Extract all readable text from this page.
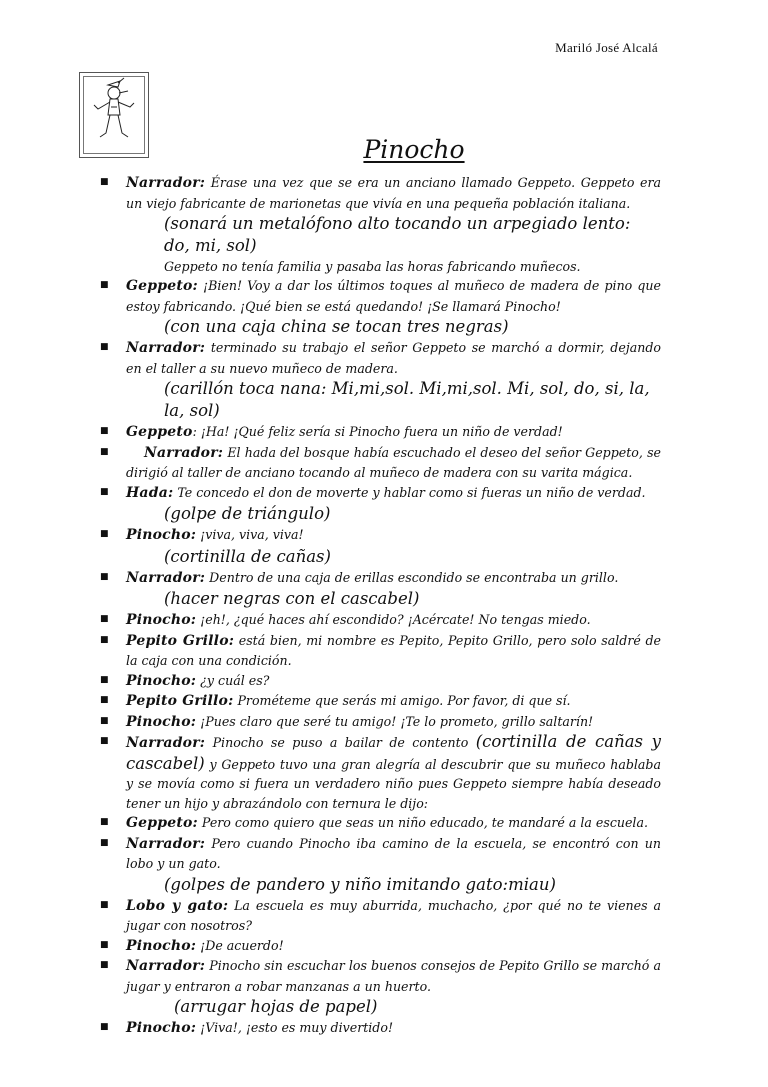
Mariló José Alcalá
Pinocho
■ Narrador: Érase una vez que se era un anciano llamado Geppeto. Geppeto era un viejo fabricante de marionetas que vivía en una pequeña población italiana.
(sonará un metalófono alto tocando un arpegiado lento: do, mi, sol)
Geppeto no tenía familia y pasaba las horas fabricando muñecos.
■ Geppeto: ¡Bien! Voy a dar los últimos toques al muñeco de madera de pino que estoy fabricando. ¡Qué bien se está quedando! ¡Se llamará Pinocho!
(con una caja china se tocan tres negras)
■ Narrador: terminado su trabajo el señor Geppeto se marchó a dormir, dejando en el taller a su nuevo muñeco de madera.
(carillón toca nana: Mi,mi,sol. Mi,mi,sol. Mi, sol, do, si, la, la, sol)
■ Geppeto: ¡Ha! ¡Qué feliz sería si Pinocho fuera un niño de verdad!
■	Narrador: El hada del bosque había escuchado el deseo del señor Geppeto, se dirigió al taller de anciano tocando al muñeco de madera con su varita mágica.
■ Hada: Te concedo el don de moverte y hablar como si fueras un niño de verdad.
(golpe de triángulo)
■ Pinocho: ¡viva, viva, viva!
(cortinilla de cañas)
■ Narrador: Dentro de una caja de erillas escondido se encontraba un grillo.
(hacer negras con el cascabel)
■ Pinocho: ¡eh!, ¿qué haces ahí escondido? ¡Acércate! No tengas miedo.
■ Pepito Grillo: está bien, mi nombre es Pepito, Pepito Grillo, pero solo saldré de la caja con una condición.
■ Pinocho: ¿y cuál es?
■ Pepito Grillo: Prométeme que serás mi amigo. Por favor, di que sí.
■ Pinocho: ¡Pues claro que seré tu amigo! ¡Te lo prometo, grillo saltarín!
■ Narrador: Pinocho se puso a bailar de contento (cortinilla de cañas y cascabel) y Geppeto tuvo una gran alegría al descubrir que su muñeco hablaba y se movía como si fuera un verdadero niño pues Geppeto siempre había deseado tener un hijo y abrazándolo con ternura le dijo:
■ Geppeto: Pero como quiero que seas un niño educado, te mandaré a la escuela.
■ Narrador: Pero cuando Pinocho iba camino de la escuela, se encontró con un lobo y un gato.
(golpes de pandero y niño imitando gato:miau)
■ Lobo y gato: La escuela es muy aburrida, muchacho, ¿por qué no te vienes a jugar con nosotros?
■ Pinocho: ¡De acuerdo!
■ Narrador: Pinocho sin escuchar los buenos consejos de Pepito Grillo se marchó a jugar y entraron a robar manzanas a un huerto.
(arrugar hojas de papel)
■ Pinocho: ¡Viva!, ¡esto es muy divertido!
